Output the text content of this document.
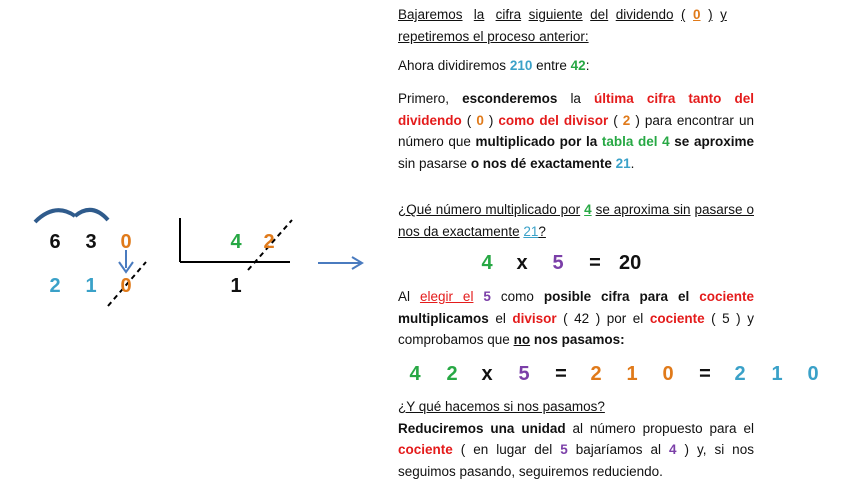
6 3 0	4 2
2 1 0	1

Bajaremos la cifra siguiente del dividendo ( 0 ) y
repetiremos el proceso anterior:

Ahora dividiremos 210 entre 42:

Primero, esconderemos la última cifra tanto del dividendo ( 0 ) como del divisor ( 2 ) para encontrar un número que multiplicado por la tabla del 4 se aproxime sin pasarse o nos dé exactamente 21.

¿Qué número multiplicado por 4 se aproxima sin pasarse o nos da exactamente 21?

4 x 5 = 20

Al elegir el 5 como posible cifra para el cociente multiplicamos el divisor ( 42 ) por el cociente ( 5 ) y comprobamos que no nos pasamos:

4 2 x 5 = 2 1 0 = 2 1 0

¿Y qué hacemos si nos pasamos?
Reduciremos una unidad al número propuesto para el cociente ( en lugar del 5 bajaríamos al 4 ) y, si nos seguimos pasando, seguiremos reduciendo.
